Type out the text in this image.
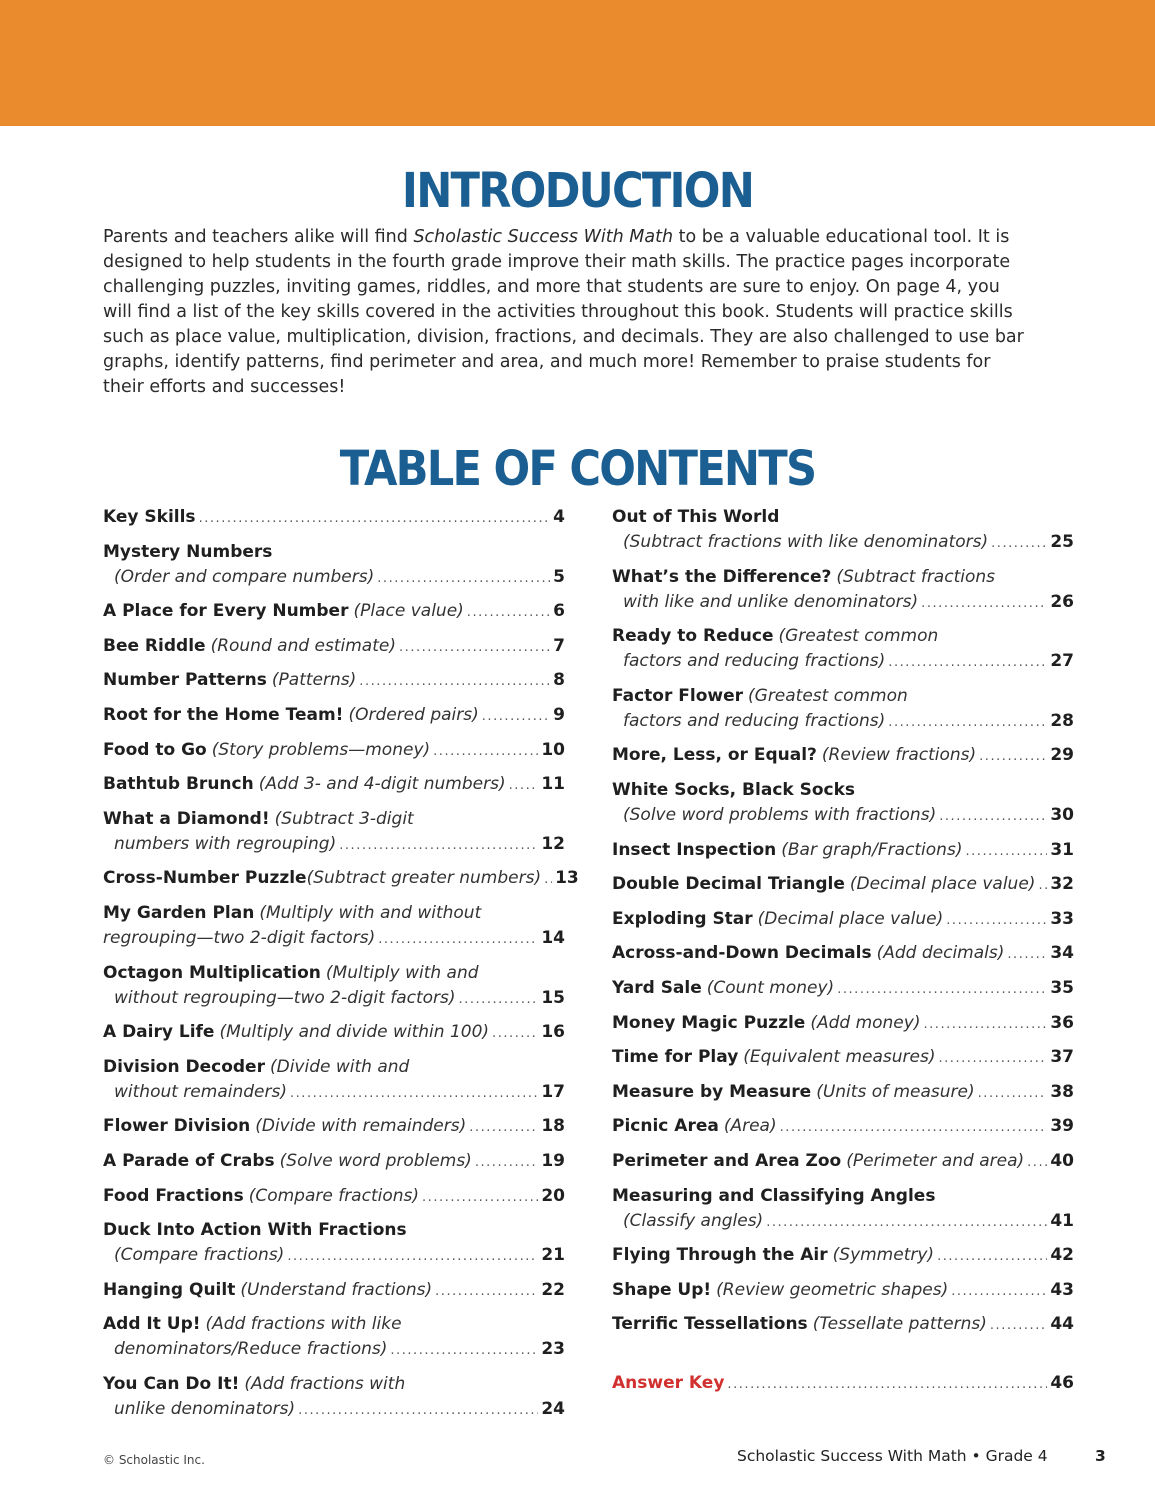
INTRODUCTION

Parents and teachers alike will find Scholastic Success With Math to be a valuable educational tool. It is designed to help students in the fourth grade improve their math skills. The practice pages incorporate challenging puzzles, inviting games, riddles, and more that students are sure to enjoy. On page 4, you will find a list of the key skills covered in the activities throughout this book. Students will practice skills such as place value, multiplication, division, fractions, and decimals. They are also challenged to use bar graphs, identify patterns, find perimeter and area, and much more! Remember to praise students for their efforts and successes!

TABLE OF CONTENTS
Key Skills . . .	4
Mystery Numbers
(Order and compare numbers) . . .	5
A Place for Every Number (Place value) . . .	6
Bee Riddle (Round and estimate) . . .	7
Number Patterns (Patterns) . . .	8
Root for the Home Team! (Ordered pairs) . . .	9
Food to Go (Story problems—money) . . .	10
Bathtub Brunch (Add 3- and 4-digit numbers) . . . 11
What a Diamond! (Subtract 3-digit
numbers with regrouping) . . .	12
Cross-Number Puzzle (Subtract greater numbers) . . . 13
My Garden Plan (Multiply with and without
regrouping—two 2-digit factors) . . .	14
Octagon Multiplication (Multiply with and
without regrouping—two 2-digit factors) . . .	15
A Dairy Life (Multiply and divide within 100) . . .	16
Division Decoder (Divide with and
without remainders) . . .	17
Flower Division (Divide with remainders) . . .	18
A Parade of Crabs (Solve word problems) . . .	19
Food Fractions (Compare fractions) . . .	20
Duck Into Action With Fractions
(Compare fractions) . . .	21
Hanging Quilt (Understand fractions) . . .	22
Add It Up! (Add fractions with like
denominators/Reduce fractions) . . .	23
You Can Do It! (Add fractions with
unlike denominators) . . .	24
Out of This World
(Subtract fractions with like denominators) . . .	25
What’s the Difference? (Subtract fractions
with like and unlike denominators) . . .	26
Ready to Reduce (Greatest common
factors and reducing fractions) . . .	27
Factor Flower (Greatest common
factors and reducing fractions) . . .	28
More, Less, or Equal? (Review fractions) . . .	29
White Socks, Black Socks
(Solve word problems with fractions) . . .	30
Insect Inspection (Bar graph/Fractions) . . .	31
Double Decimal Triangle (Decimal place value) . . . 32
Exploding Star (Decimal place value) . . .	33
Across-and-Down Decimals (Add decimals) . . .	34
Yard Sale (Count money) . . .	35
Money Magic Puzzle (Add money) . . .	36
Time for Play (Equivalent measures) . . .	37
Measure by Measure (Units of measure) . . .	38
Picnic Area (Area) . . .	39
Perimeter and Area Zoo (Perimeter and area) . . . 40
Measuring and Classifying Angles
(Classify angles) . . .	41
Flying Through the Air (Symmetry) . . .	42
Shape Up! (Review geometric shapes) . . .	43
Terrific Tessellations (Tessellate patterns) . . .	44
Answer Key . . .	46
© Scholastic Inc.	Scholastic Success With Math • Grade 4	3
